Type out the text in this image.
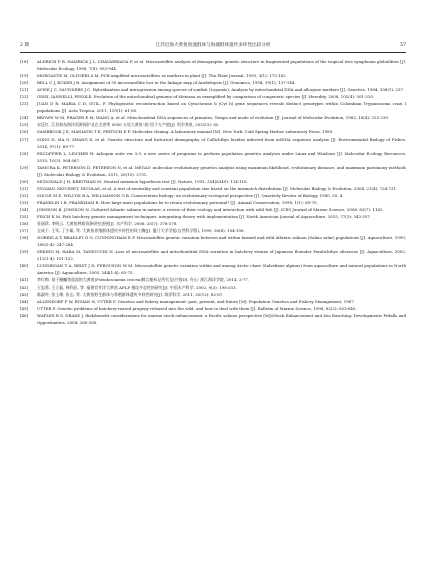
2 期	江苏近海大黄鱼放流群体与海捕群体遗传多样性比较分析	57
[18] ALDRICH P R, HAMRICK J L, CHAVARRIAGA P, et al. Microsatellite analysis of demographic genetic structure in fragmented populations of the tropical tree symphonia globulifera [J]. Molecular Ecology, 1998, 7(8): 933-944.
[19] MORGANTE M, OLIVIERI A M. PCR-amplified microsatellites as markers in plant [J]. The Plant Journal, 1993, 3(1): 175-182.
[20] BELL C J, ECKER J R. Assignment of 30 microsatellite loci to the linkage map of Arabidopsis [J]. Genomics, 1994, 19(1): 137-144.
[21] AVISE J C, SAUNDERS J C. Hybridization and introgression among species of sunfish (Lepomis): Analysis by mitochondrial DNA and allozyme markers [J]. Genetics, 1984, 108(1): 237.
[22] GISSI, IANNELLI, PESOLE. Evolution of the mitochondrial genome of Metazoa as exemplified by comparison of congeneric species [J]. Heredity, 2008, 101(4): 301-320.
[23] JUAN D R, MARIA C D, GUIL, F. Phylogenetic reconstruction based on Cytochrome b (Cyt b) gene sequences reveals distinct genotypes within Colombian Trypanosoma cruzi I populations [J]. Acta Tropica, 2011, 119(1): 61-65.
[24] BROWN W M, PRAGER E M, WANG A, et al. Mitochondrial DNA sequences of primates, Tempo and mode of evolution [J]. Journal of Molecular Evolution, 1982, 18(4): 225-239.
[25] 宋廷红. 江苏如东海洋资源保护北在全省所 5000 万尾大黄鱼"放"回于万产值[J]. 科学养鱼, 2021(3): 85.
[26] SAMBROOK J E, MANIATIS T E, FRITSCH E F. Molecular cloning: A laboratory manual [M]. New York: Cold Spring Harbor Laboratory Press, 1989.
[27] SONG N, MA G, ZHANG X, et al. Genetic structure and historical demography of Collichthys lucidus inferred from mtDNA sequence analysis [J]. Environmental Biology of Fishes, 2014, 97(1): 69-77.
[28] EXCOFFIER L, LISCHER H. Arlequin suite ver 3.5: a new series of programs to perform population genetics analyses under Linux and Windows [J]. Molecular Ecology Resources, 2010, 10(3): 564-567.
[29] TAMURA K, PETERSON D, PETERSON N, et al. MEGA5: molecular evolutionary genetics analysis using maximum likelihood, evolutionary distance, and maximum parsimony methods [J]. Molecular Biology & Evolution, 2011, 28(10): 2731.
[30] MCDONALD J H, KREITMAN M. Neutral mutation hypothesis test [J]. Nature, 1991, 354(6349): 114-116.
[31] SYLVAIN, MOUSSET, NICOLAS, et al. A test of neutrality and constant population size based on the mismatch distribution [J]. Molecular Biology & Evolution, 2004, 21(4): 724-731.
[32] SOULE M E, WILCOX B A, WILLIAMSON G B. Conservation biology: an evolutionary-ecological perspective [J]. Quarterly Review of Biology, 1980, 55, 4.
[33] FRANKLIN I R, FRANKHAM R. How large must populations be to retain evolutionary potential? [J]. Animal Conservation, 1998, 1(1): 69-70.
[34] JONSSON B, JONSSON N. Cultured Atlantic salmon in nature: a review of their ecology and interaction with wild fish [J]. ICES Journal of Marine Science, 2006, 63(7): 1162.
[35] FISCH K M. Fish hatchery genetic management techniques: integrating theory with implementation [J]. North American Journal of Aquaculture, 2015, 77(3): 343-357.
[36] 张丽珍, 李明云. 大黄鱼种质资源研究进展[J]. 水产科学, 2006, 25(7): 376-378.
[37] 全成干, 王军, 丁少雄, 等. 大黄鱼养殖群体遗传多样性的同工酶[J]. 厦门大学学报(自然科学版), 1999, 38(4): 104-108.
[38] NORRIS A T, BRADLEY D G, CUNNINGHAM E P. Microsatellite genetic variation between and within farmed and wild Atlantic salmon (Salmo salar) populations [J]. Aquaculture, 1999, 180(3-4): 247-264.
[39] SEKINO M, HARA M, TANIGUCHI N. Loss of microsatellite and mitochondrial DNA variation in hatchery strains of Japanese flounder Paralichthys olivaceus [J]. Aquaculture, 2002, 213(1-4): 101-122.
[40] LUNDRIGAN T A, REIST J D, FERGUSON M M. Microsatellite genetic variation within and among Arctic charr (Salvelinus alpinus) from aquaculture and natural populations in North America [J]. Aquaculture, 2005, 244(1-4): 63-75.
[41] 李红梅. 基于鲢鳙鱼放流的大黄鱼(Pseudosciaena crocea)腾言船标记所究及应用[D]. 舟山: 浙江海洋学院, 2014: 2-77.
[42] 王忠勇, 王立磊, 韩利民, 等. 福建官井洋大黄鱼 AFLP 指纹多态性的研究[J]. 中国水产科学, 2002, 9(3): 198-203.
[43] 陈淑吟, 张士璀, 张志, 等. 大黄鱼野生群体与养殖群体遗传多样性研究[J]. 海洋科学, 2011, 35(12): 82-87.
[44] ALLENDORF F W, RYMAN N, UTTER F. Genetics and fishery management: past, present, and future [M]. Population Genetics and Fishery Management, 1987.
[45] UTTER F. Genetic problems of hatchery-reared progeny released into the wild, and how to deal with them [J]. Bulletin of Marine Science, 1998, 62(2): 623-640.
[46] WAPLES R S, DRAKE J. Risk/benefit considerations for marine stock enhancement: a Pacific salmon perspective [M]//Stock Enhancement and Sea Ranching: Developments Pitfalls and Opportunities, 2004: 260-306.
